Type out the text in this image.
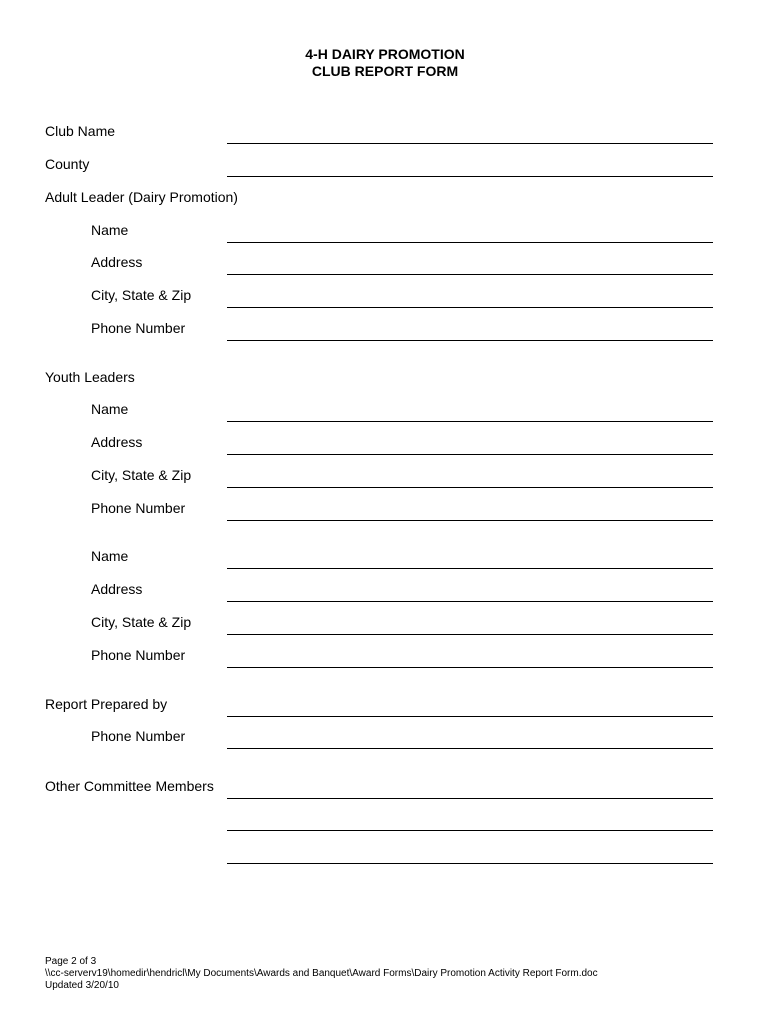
4-H DAIRY PROMOTION
CLUB REPORT FORM
Club Name
County
Adult Leader (Dairy Promotion)
Name
Address
City, State & Zip
Phone Number
Youth Leaders
Name
Address
City, State & Zip
Phone Number
Name
Address
City, State & Zip
Phone Number
Report Prepared by
Phone Number
Other Committee Members
Page 2 of 3
\\cc-serverv19\homedir\hendricl\My Documents\Awards and Banquet\Award Forms\Dairy Promotion Activity Report Form.doc
Updated 3/20/10
